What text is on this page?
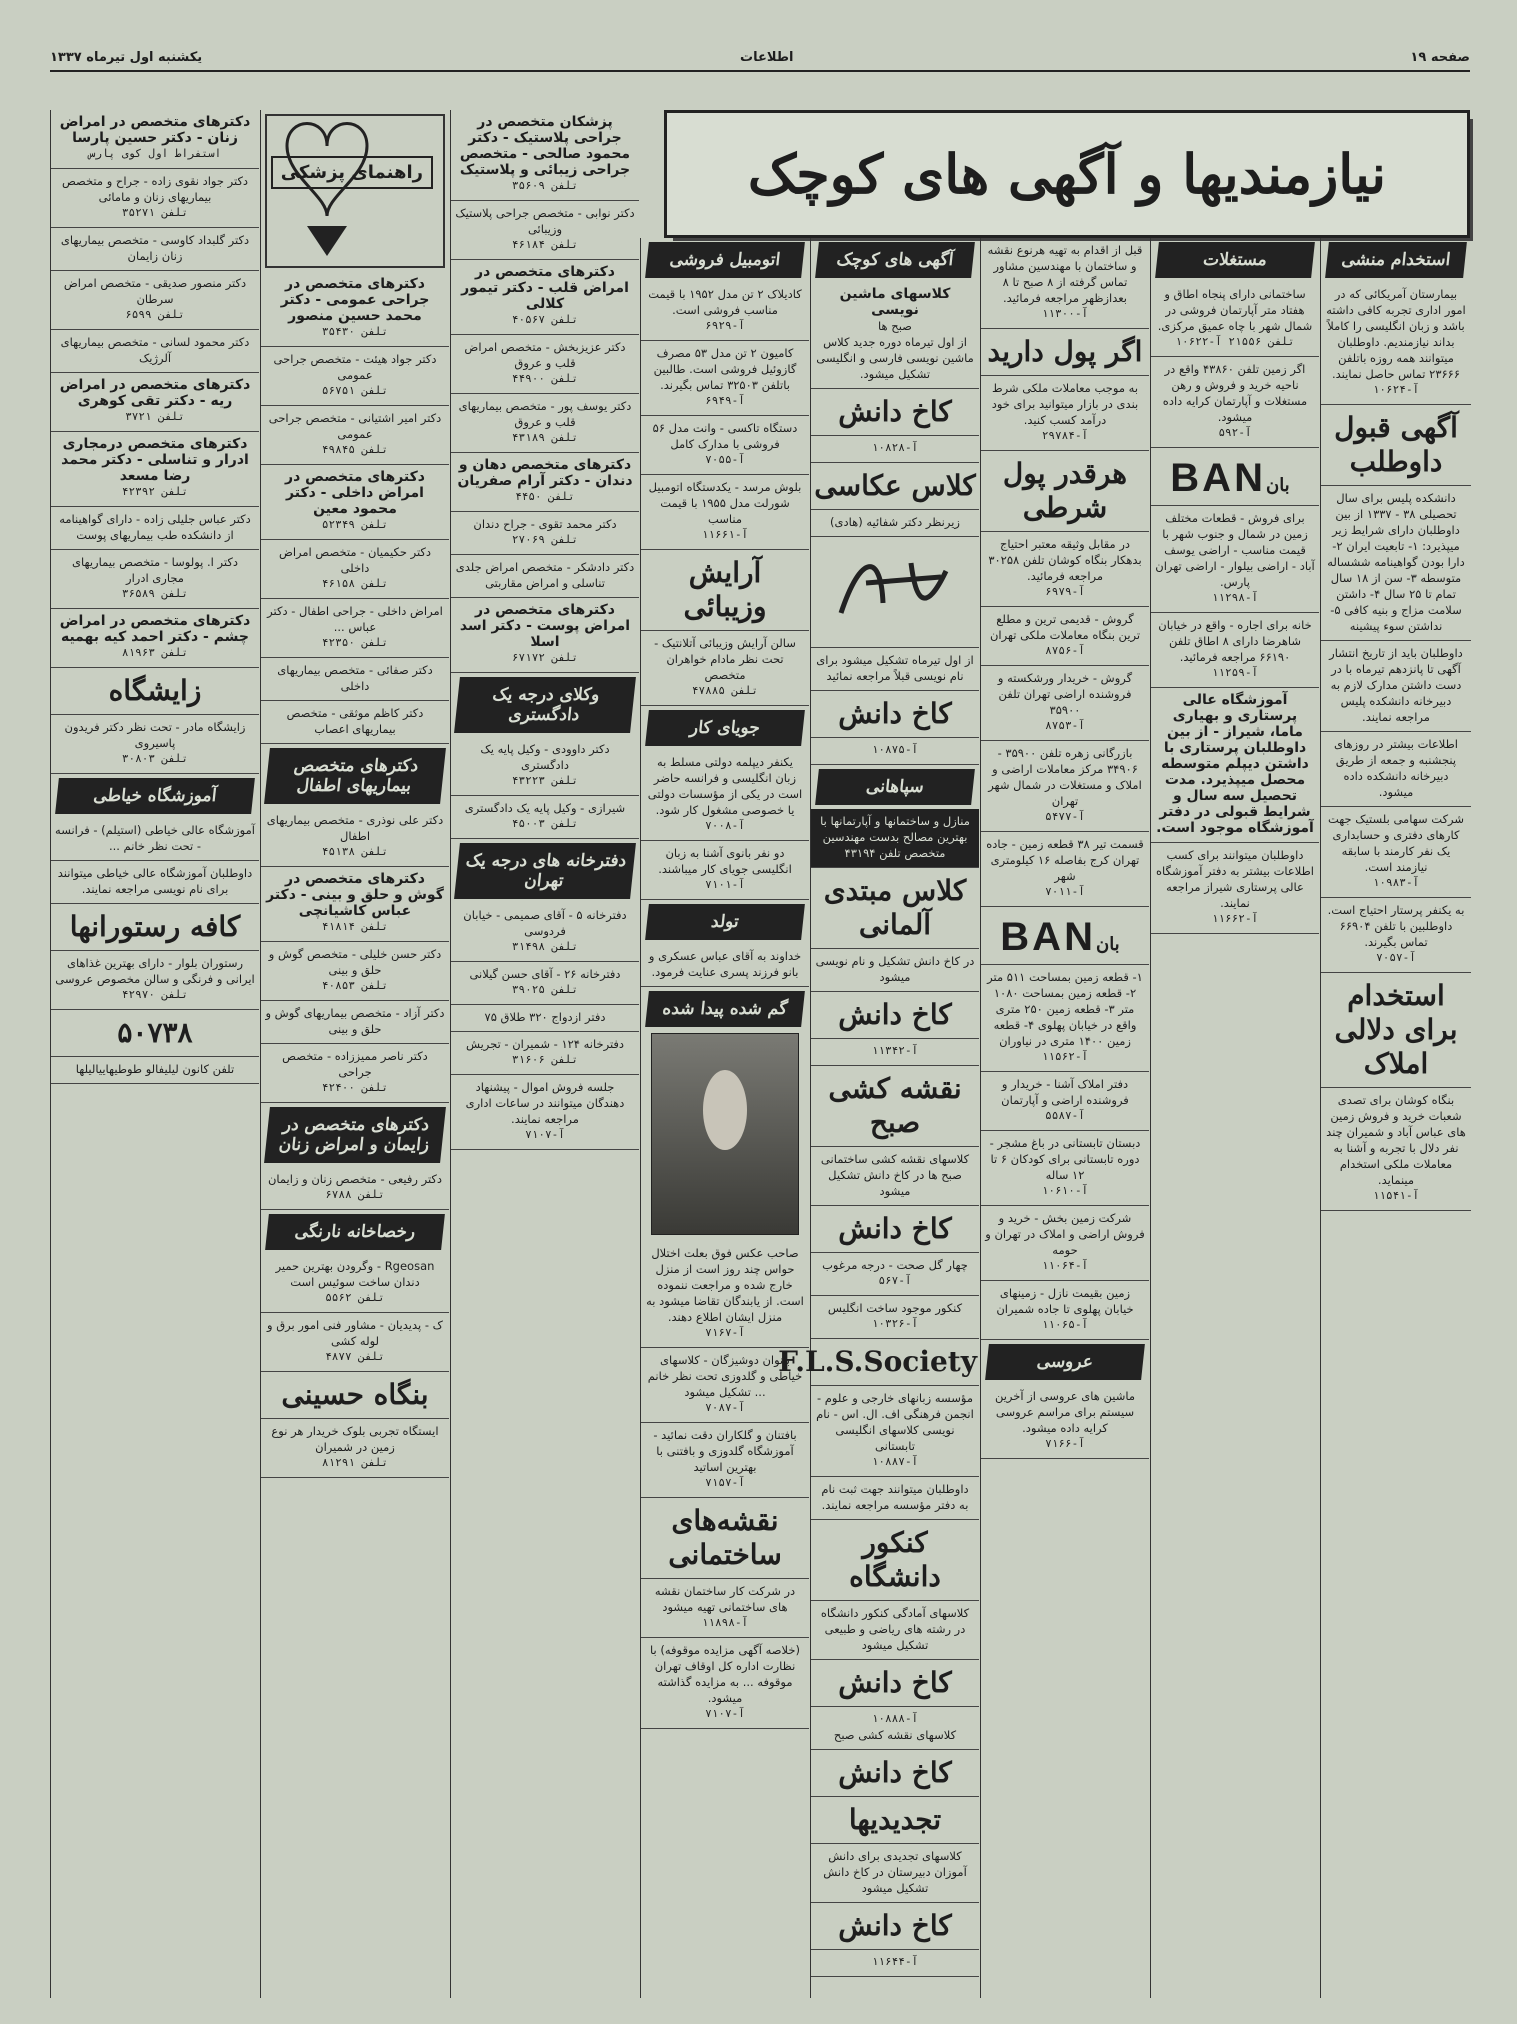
یکشنبه اول تیرماه ۱۳۳۷	اطلاعات	صفحه ۱۹
نیازمندیها و آگهی های کوچک
استخدام منشی

بیمارستان آمریکائی که در امور اداری تجربه کافی داشته باشد و زبان انگلیسی را کاملاً بداند نیازمندیم. داوطلبان میتوانند همه روزه باتلفن ۲۳۶۶۶ تماس حاصل نمایند.

آ-۱۰۶۲۴

آگهی قبول داوطلب

دانشکده پلیس برای سال تحصیلی ۳۸ - ۱۳۳۷ از بین داوطلبان دارای شرایط زیر میپذیرد: ۱- تابعیت ایران ۲- دارا بودن گواهینامه ششساله متوسطه ۳- سن از ۱۸ سال تمام تا ۲۵ سال ۴- داشتن سلامت مزاج و بنیه کافی ۵- نداشتن سوء پیشینه

داوطلبان باید از تاریخ انتشار آگهی تا پانزدهم تیرماه با در دست داشتن مدارک لازم به دبیرخانه دانشکده پلیس مراجعه نمایند.

اطلاعات بیشتر در روزهای پنجشنبه و جمعه از طریق دبیرخانه دانشکده داده میشود.

شرکت سهامی بلستیک جهت کارهای دفتری و حسابداری یک نفر کارمند با سابقه نیازمند است.

آ-۱۰۹۸۳

به یکنفر پرستار احتیاج است. داوطلبین با تلفن ۶۶۹۰۴ تماس بگیرند.

آ-۷۰۵۷

استخدام برای دلالی املاک

بنگاه کوشان برای تصدی شعبات خرید و فروش زمین های عباس آباد و شمیران چند نفر دلال با تجربه و آشنا به معاملات ملکی استخدام مینماید.

آ-۱۱۵۴۱

مستغلات

ساختمانی دارای پنجاه اطاق و هفتاد متر آپارتمان فروشی در شمال شهر با چاه عمیق مرکزی.

تلفن ۲۱۵۵۶ آ-۱۰۶۲۲

اگر زمین تلفن ۴۳۸۶۰ واقع در ناحیه خرید و فروش و رهن مستغلات و آپارتمان کرایه داده میشود.

آ-۵۹۲

BANبان

برای فروش - قطعات مختلف زمین در شمال و جنوب شهر با قیمت مناسب - اراضی یوسف آباد - اراضی بیلوار - اراضی تهران پارس.

آ-۱۱۲۹۸

خانه برای اجاره - واقع در خیابان شاهرضا دارای ۸ اطاق تلفن ۶۶۱۹۰ مراجعه فرمائید.

آ-۱۱۲۵۹

آموزشگاه عالی پرستاری و بهیاری ماما، شیراز - از بین داوطلبان پرستاری با داشتن دیپلم متوسطه محصل میپذیرد. مدت تحصیل سه سال و شرایط قبولی در دفتر آموزشگاه موجود است.

داوطلبان میتوانند برای کسب اطلاعات بیشتر به دفتر آموزشگاه عالی پرستاری شیراز مراجعه نمایند.

آ-۱۱۶۶۲

قبل از اقدام به تهیه هرنوع نقشه و ساختمان با مهندسین مشاور تماس گرفته از ۸ صبح تا ۸ بعدازظهر مراجعه فرمائید.

آ-۱۱۳۰۰

اگر پول دارید

به موجب معاملات ملکی شرط بندی در بازار میتوانید برای خود درآمد کسب کنید.

آ-۲۹۷۸۴

هرقدر پول شرطی

در مقابل وثیقه معتبر احتیاج بدهکار بنگاه کوشان تلفن ۳۰۲۵۸ مراجعه فرمائید.

آ-۶۹۷۹

گروش - قدیمی ترین و مطلع ترین بنگاه معاملات ملکی تهران

آ-۸۷۵۶

گروش - خریدار ورشکسته و فروشنده اراضی تهران تلفن ۳۵۹۰۰

آ-۸۷۵۳

بازرگانی زهره تلفن ۳۵۹۰۰ - ۳۴۹۰۶ مرکز معاملات اراضی و املاک و مستغلات در شمال شهر تهران

آ-۵۴۷۷

قسمت تیر ۳۸ قطعه زمین - جاده تهران کرج بفاصله ۱۶ کیلومتری شهر

آ-۷۰۱۱

BANبان

۱- قطعه زمین بمساحت ۵۱۱ متر ۲- قطعه زمین بمساحت ۱۰۸۰ متر ۳- قطعه زمین ۲۵۰ متری واقع در خیابان پهلوی ۴- قطعه زمین ۱۴۰۰ متری در نیاوران

آ-۱۱۵۶۲

دفتر املاک آشنا - خریدار و فروشنده اراضی و آپارتمان

آ-۵۵۸۷

دبستان تابستانی در باغ مشجر - دوره تابستانی برای کودکان ۶ تا ۱۲ ساله

آ-۱۰۶۱۰

شرکت زمین بخش - خرید و فروش اراضی و املاک در تهران و حومه

آ-۱۱۰۶۴

زمین بقیمت نازل - زمینهای خیابان پهلوی تا جاده شمیران

آ-۱۱۰۶۵

عروسی

ماشین های عروسی از آخرین سیستم برای مراسم عروسی کرایه داده میشود.

آ-۷۱۶۶

آگهی های کوچک

کلاسهای ماشین نویسی

صبح ها

از اول تیرماه دوره جدید کلاس ماشین نویسی فارسی و انگلیسی تشکیل میشود.

کاخ دانش

آ-۱۰۸۲۸

کلاس عکاسی

زیرنظر دکتر شفائیه (هادی)

از اول تیرماه تشکیل میشود برای نام نویسی قبلاً مراجعه نمائید

کاخ دانش

آ-۱۰۸۷۵

سپاهانی

منازل و ساختمانها و آپارتمانها با بهترین مصالح بدست مهندسین متخصص تلفن ۴۳۱۹۴

کلاس مبتدی آلمانی

در کاخ دانش تشکیل و نام نویسی میشود

کاخ دانش

آ-۱۱۳۴۲

نقشه کشی صبح

کلاسهای نقشه کشی ساختمانی صبح ها در کاخ دانش تشکیل میشود

کاخ دانش

چهار گل صحت - درجه مرغوب

آ-۵۶۷

کنکور موجود ساخت انگلیس

آ-۱۰۳۲۶

F.L.S.Society

مؤسسه زبانهای خارجی و علوم - انجمن فرهنگی اف. ال. اس - نام نویسی کلاسهای انگلیسی تابستانی

آ-۱۰۸۸۷

داوطلبان میتوانند جهت ثبت نام به دفتر مؤسسه مراجعه نمایند.

کنکور دانشگاه

کلاسهای آمادگی کنکور دانشگاه در رشته های ریاضی و طبیعی تشکیل میشود

کاخ دانش

آ-۱۰۸۸۸

کلاسهای نقشه کشی صبح

کاخ دانش
تجدیدیها

کلاسهای تجدیدی برای دانش آموزان دبیرستان در کاخ دانش تشکیل میشود

کاخ دانش

آ-۱۱۶۴۴

اتومبیل فروشی

کادیلاک ۲ تن مدل ۱۹۵۲ با قیمت مناسب فروشی است.

آ-۶۹۲۹

کامیون ۲ تن مدل ۵۳ مصرف گازوئیل فروشی است. طالبین باتلفن ۳۲۵۰۳ تماس بگیرند.

آ-۶۹۴۹

دستگاه تاکسی - وانت مدل ۵۶ فروشی با مدارک کامل

آ-۷۰۵۵

بلوش مرسد - یکدستگاه اتومبیل شورلت مدل ۱۹۵۵ با قیمت مناسب

آ-۱۱۶۶۱

آرایش وزیبائی

سالن آرایش وزیبائی آتلانتیک - تحت نظر مادام خواهران متخصص

تلفن ۴۷۸۸۵

جویای کار

یکنفر دیپلمه دولتی مسلط به زبان انگلیسی و فرانسه حاضر است در یکی از مؤسسات دولتی یا خصوصی مشغول کار شود.

آ-۷۰۰۸

دو نفر بانوی آشنا به زبان انگلیسی جویای کار میباشند.

آ-۷۱۰۱

تولد

خداوند به آقای عباس عسکری و بانو فرزند پسری عنایت فرمود.

گم شده پیدا شده

صاحب عکس فوق بعلت اختلال حواس چند روز است از منزل خارج شده و مراجعت ننموده است. از یابندگان تقاضا میشود به منزل ایشان اطلاع دهند.

آ-۷۱۶۷

بانوان دوشیزگان - کلاسهای خیاطی و گلدوزی تحت نظر خانم ... تشکیل میشود

آ-۷۰۸۷

بافتنان و گلکاران دقت نمائید - آموزشگاه گلدوزی و بافتنی با بهترین اساتید

آ-۷۱۵۷

نقشه‌های ساختمانی

در شرکت کار ساختمان نقشه های ساختمانی تهیه میشود

آ-۱۱۸۹۸

(خلاصه آگهی مزایده موقوفه) با نظارت اداره کل اوقاف تهران موقوفه ... به مزایده گذاشته میشود.

آ-۷۱۰۷

پزشکان متخصص در جراحی پلاستیک - دکتر محمود صالحی - متخصص جراحی زیبائی و پلاستیک

تلفن ۳۵۶۰۹

دکتر نوابی - متخصص جراحی پلاستیک وزیبائی

تلفن ۴۶۱۸۴

دکترهای متخصص در امراض قلب - دکتر تیمور کلالی

تلفن ۴۰۵۶۷

دکتر عزیزبخش - متخصص امراض قلب و عروق

تلفن ۴۴۹۰۰

دکتر یوسف پور - متخصص بیماریهای قلب و عروق

تلفن ۴۳۱۸۹

دکترهای متخصص دهان و دندان - دکتر آرام صفریان

تلفن ۴۴۵۰

دکتر محمد تقوی - جراح دندان

تلفن ۲۷۰۶۹

دکتر دادشکر - متخصص امراض جلدی تناسلی و امراض مقاربتی

دکترهای متخصص در امراض پوست - دکتر اسد اسلا

تلفن ۶۷۱۷۲

وکلای درجه یک دادگستری

دکتر داوودی - وکیل پایه یک دادگستری

تلفن ۴۳۲۲۳

شیرازی - وکیل پایه یک دادگستری

تلفن ۴۵۰۰۳

دفترخانه های درجه یک تهران

دفترخانه ۵ - آقای صمیمی - خیابان فردوسی

تلفن ۳۱۴۹۸

دفترخانه ۲۶ - آقای حسن گیلانی

تلفن ۳۹۰۲۵

دفتر ازدواج ۳۲۰ طلاق ۷۵

دفترخانه ۱۲۴ - شمیران - تجریش

تلفن ۳۱۶۰۶

جلسه فروش اموال - پیشنهاد دهندگان میتوانند در ساعات اداری مراجعه نمایند.

آ-۷۱۰۷

راهنمای پزشکی

دکترهای متخصص در جراحی عمومی - دکتر محمد حسین منصور

تلفن ۳۵۴۳۰

دکتر جواد هیئت - متخصص جراحی عمومی

تلفن ۵۶۷۵۱

دکتر امیر اشتیانی - متخصص جراحی عمومی

تلفن ۴۹۸۴۵

دکترهای متخصص در امراض داخلی - دکتر محمود معین

تلفن ۵۲۳۴۹

دکتر حکیمیان - متخصص امراض داخلی

تلفن ۴۶۱۵۸

امراض داخلی - جراحی اطفال - دکتر عباس ...

تلفن ۴۲۳۵۰

دکتر صفائی - متخصص بیماریهای داخلی

دکتر کاظم موثقی - متخصص بیماریهای اعصاب

دکترهای متخصص بیماریهای اطفال

دکتر علی نوذری - متخصص بیماریهای اطفال

تلفن ۴۵۱۳۸

دکترهای متخصص در گوش و حلق و بینی - دکتر عباس کاشیانچی

تلفن ۴۱۸۱۴

دکتر حسن خلیلی - متخصص گوش و حلق و بینی

تلفن ۴۰۸۵۳

دکتر آزاد - متخصص بیماریهای گوش و حلق و بینی

دکتر ناصر ممیززاده - متخصص جراحی

تلفن ۴۲۴۰۰

دکترهای متخصص در زایمان و امراض زنان

دکتر رفیعی - متخصص زنان و زایمان

تلفن ۶۷۸۸

رخصاخانه نارنگی

Rgeosan - وگرودن بهترین حمیر دندان ساخت سوئیس است

تلفن ۵۵۶۲

ک - پدیدیان - مشاور فنی امور برق و لوله کشی

تلفن ۴۸۷۷

بنگاه حسینی

ایستگاه تجربی بلوک خریدار هر نوع زمین در شمیران

تلفن ۸۱۲۹۱

دکترهای متخصص در امراض زنان - دکتر حسین پارسا

استفراط اول کوی پارس

دکتر جواد نقوی زاده - جراح و متخصص بیماریهای زنان و مامائی

تلفن ۳۵۲۷۱

دکتر گلبداد کاوسی - متخصص بیماریهای زنان زایمان

دکتر منصور صدیقی - متخصص امراض سرطان

تلفن ۶۵۹۹

دکتر محمود لسانی - متخصص بیماریهای آلرژیک

دکترهای متخصص در امراض ریه - دکتر تقی کوهری

تلفن ۳۷۲۱

دکترهای متخصص درمجاری ادرار و تناسلی - دکتر محمد رضا مسعد

تلفن ۴۲۳۹۲

دکتر عباس جلیلی زاده - دارای گواهینامه از دانشکده طب بیماریهای پوست

دکتر ا. پولوسا - متخصص بیماریهای مجاری ادرار

تلفن ۳۶۵۸۹

دکترهای متخصص در امراض چشم - دکتر احمد کیه بهمیه

تلفن ۸۱۹۶۳

زایشگاه

زایشگاه مادر - تحت نظر دکتر فریدون پاسیروی

تلفن ۳۰۸۰۳

آموزشگاه خیاطی

آموزشگاه عالی خیاطی (استیلم) - فرانسه - تحت نظر خانم ...

داوطلبان آموزشگاه عالی خیاطی میتوانند برای نام نویسی مراجعه نمایند.

کافه رستورانها

رستوران بلوار - دارای بهترین غذاهای ایرانی و فرنگی و سالن مخصوص عروسی

تلفن ۴۲۹۷۰

۵۰۷۳۸

تلفن کانون لیلیفالو طوطیهاییالیلها
